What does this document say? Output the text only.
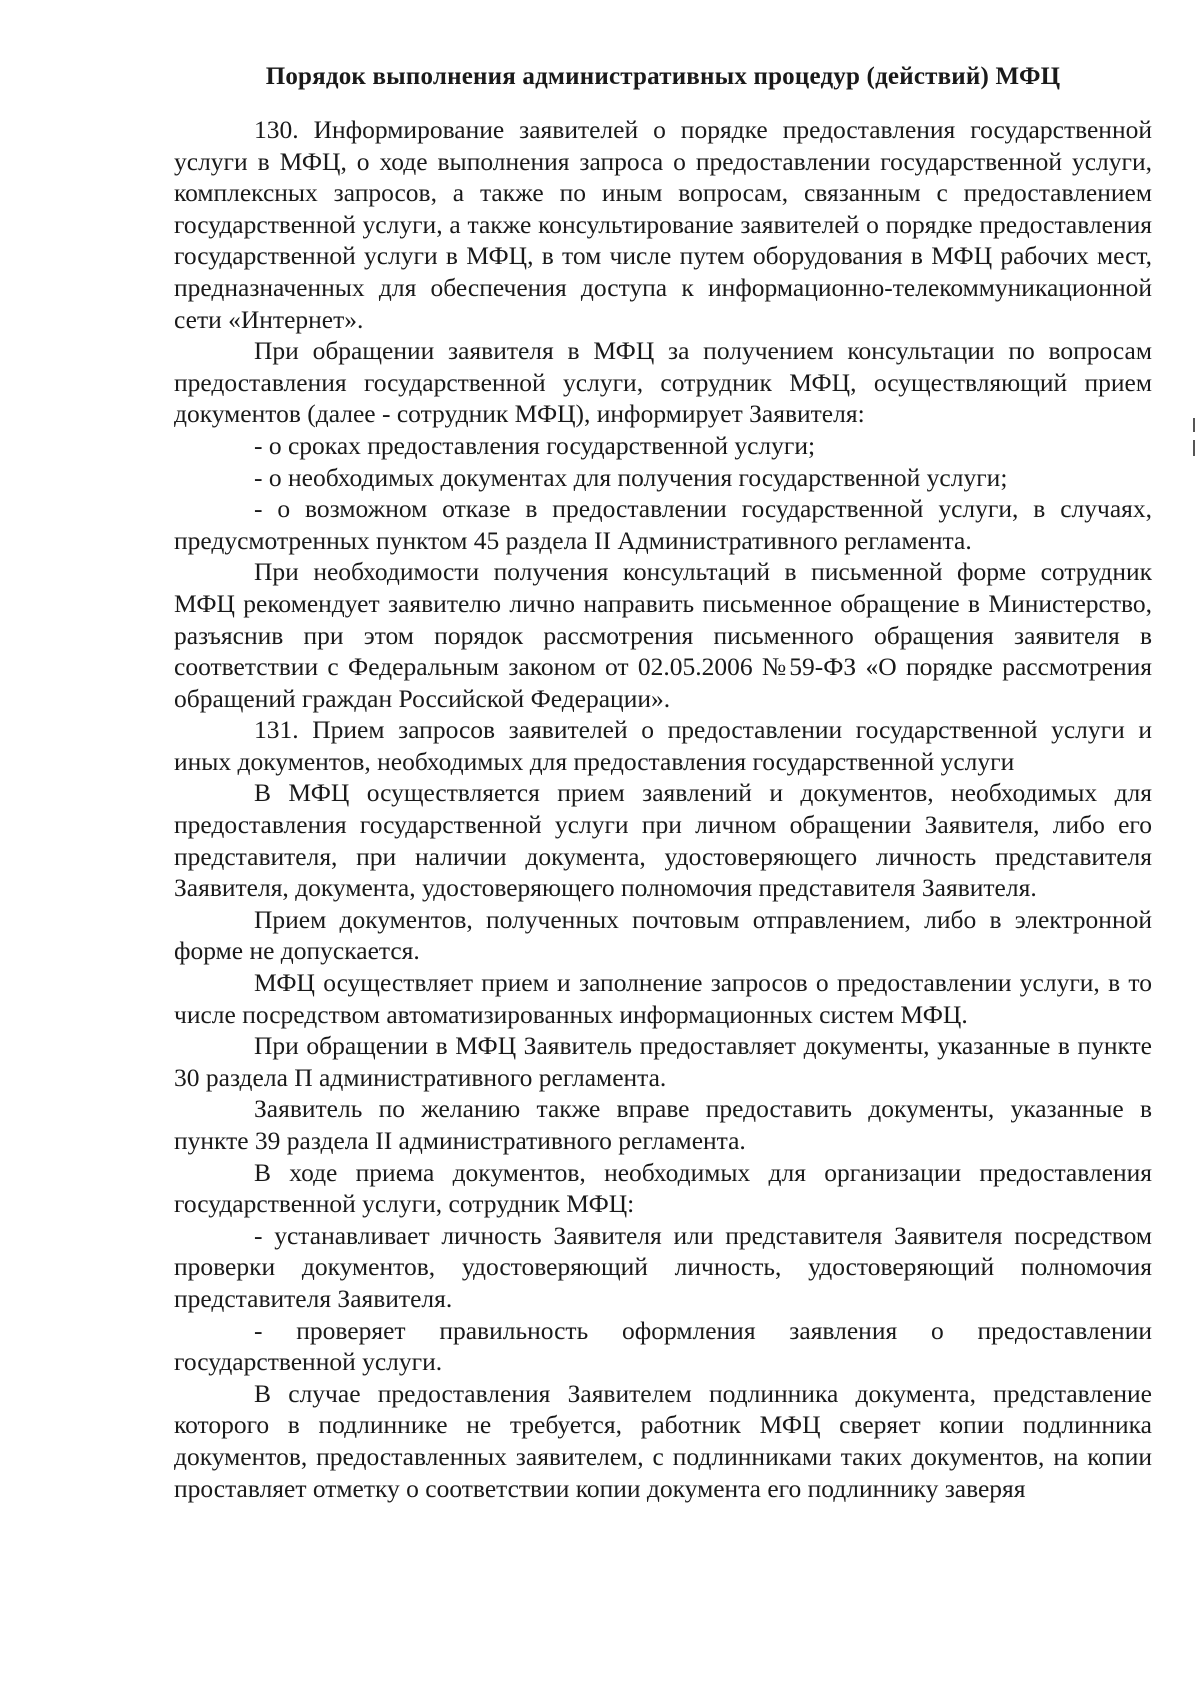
Порядок выполнения административных процедур (действий) МФЦ

130. Информирование заявителей о порядке предоставления государственной услуги в МФЦ, о ходе выполнения запроса о предоставлении государственной услуги, комплексных запросов, а также по иным вопросам, связанным с предоставлением государственной услуги, а также консультирование заявителей о порядке предоставления государственной услуги в МФЦ, в том числе путем оборудования в МФЦ рабочих мест, предназначенных для обеспечения доступа к информационно-телекоммуникационной сети «Интернет».

При обращении заявителя в МФЦ за получением консультации по вопросам предоставления государственной услуги, сотрудник МФЦ, осуществляющий прием документов (далее - сотрудник МФЦ), информирует Заявителя:

- о сроках предоставления государственной услуги;

- о необходимых документах для получения государственной услуги;

- о возможном отказе в предоставлении государственной услуги, в случаях, предусмотренных пунктом 45 раздела II Административного регламента.

При необходимости получения консультаций в письменной форме сотрудник МФЦ рекомендует заявителю лично направить письменное обращение в Министерство, разъяснив при этом порядок рассмотрения письменного обращения заявителя в соответствии с Федеральным законом от 02.05.2006 №59-ФЗ «О порядке рассмотрения обращений граждан Российской Федерации».

131. Прием запросов заявителей о предоставлении государственной услуги и иных документов, необходимых для предоставления государственной услуги

В МФЦ осуществляется прием заявлений и документов, необходимых для предоставления государственной услуги при личном обращении Заявителя, либо его представителя, при наличии документа, удостоверяющего личность представителя Заявителя, документа, удостоверяющего полномочия представителя Заявителя.

Прием документов, полученных почтовым отправлением, либо в электронной форме не допускается.

МФЦ осуществляет прием и заполнение запросов о предоставлении услуги, в то числе посредством автоматизированных информационных систем МФЦ.

При обращении в МФЦ Заявитель предоставляет документы, указанные в пункте 30 раздела П административного регламента.

Заявитель по желанию также вправе предоставить документы, указанные в пункте 39 раздела II административного регламента.

В ходе приема документов, необходимых для организации предоставления государственной услуги, сотрудник МФЦ:

- устанавливает личность Заявителя или представителя Заявителя посредством проверки документов, удостоверяющий личность, удостоверяющий полномочия представителя Заявителя.

- проверяет правильность оформления заявления о предоставлении государственной услуги.

В случае предоставления Заявителем подлинника документа, представление которого в подлиннике не требуется, работник МФЦ сверяет копии подлинника документов, предоставленных заявителем, с подлинниками таких документов, на копии проставляет отметку о соответствии копии документа его подлиннику заверяя
